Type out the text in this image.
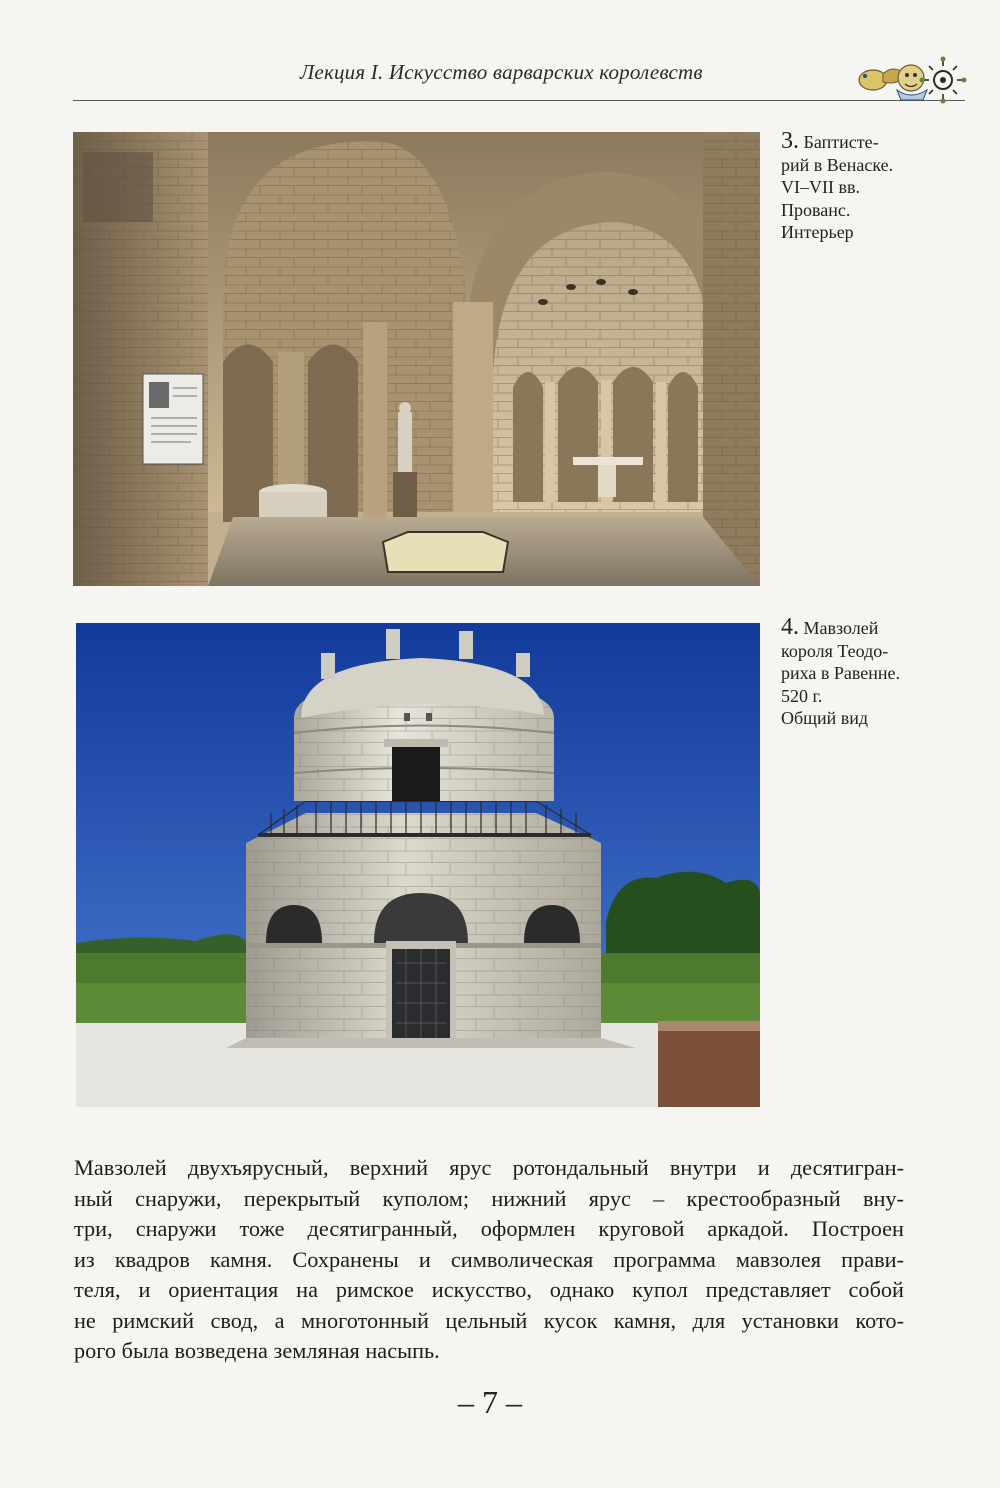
Лекция I. Искусство варварских королевств
3. Баптисте-
рий в Венаске.
VI–VII вв.
Прованс.
Интерьер
4. Мавзолей
короля Теодо-
риха в Равенне.
520 г.
Общий вид
Мавзолей двухъярусный, верхний ярус ротондальный внутри и десятигран-
ный снаружи, перекрытый куполом; нижний ярус – крестообразный вну-
три, снаружи тоже десятигранный, оформлен круговой аркадой. Построен
из квадров камня. Сохранены и символическая программа мавзолея прави-
теля, и ориентация на римское искусство, однако купол представляет собой
не римский свод, а многотонный цельный кусок камня, для установки кото-
рого была возведена земляная насыпь.
– 7 –
